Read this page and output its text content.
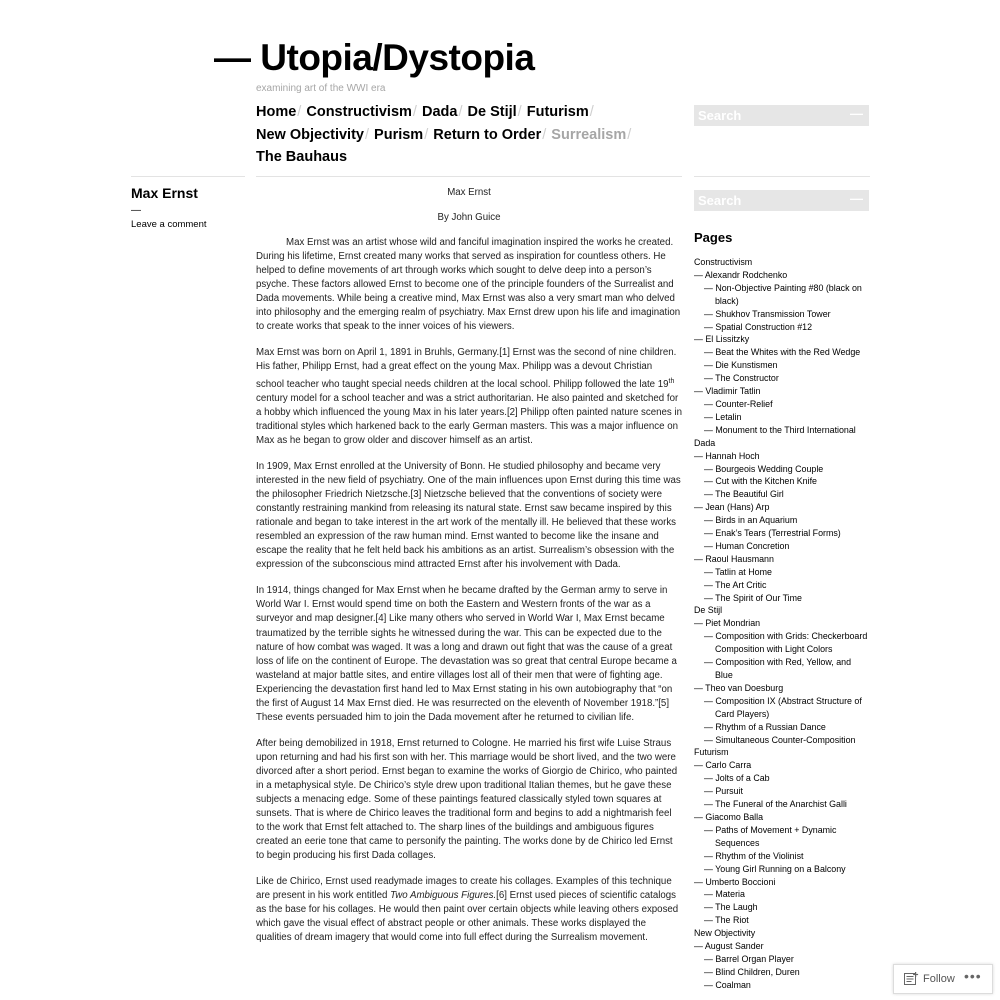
— Utopia/Dystopia
examining art of the WWI era
Home/ Constructivism/ Dada/ De Stijl/ Futurism/ New Objectivity/ Purism/ Return to Order/ Surrealism/ The Bauhaus
Search
—
Max Ernst
—
Leave a comment
Max Ernst
By John Guice

Max Ernst was an artist whose wild and fanciful imagination inspired the works he created. During his lifetime, Ernst created many works that served as inspiration for countless others. He helped to define movements of art through works which sought to delve deep into a person’s psyche. These factors allowed Ernst to become one of the principle founders of the Surrealist and Dada movements. While being a creative mind, Max Ernst was also a very smart man who delved into philosophy and the emerging realm of psychiatry. Max Ernst drew upon his life and imagination to create works that speak to the inner voices of his viewers.

Max Ernst was born on April 1, 1891 in Bruhls, Germany.[1] Ernst was the second of nine children. His father, Philipp Ernst, had a great effect on the young Max. Philipp was a devout Christian school teacher who taught special needs children at the local school. Philipp followed the late 19th century model for a school teacher and was a strict authoritarian. He also painted and sketched for a hobby which influenced the young Max in his later years.[2] Philipp often painted nature scenes in traditional styles which harkened back to the early German masters. This was a major influence on Max as he began to grow older and discover himself as an artist.

In 1909, Max Ernst enrolled at the University of Bonn. He studied philosophy and became very interested in the new field of psychiatry. One of the main influences upon Ernst during this time was the philosopher Friedrich Nietzsche.[3] Nietzsche believed that the conventions of society were constantly restraining mankind from releasing its natural state. Ernst saw became inspired by this rationale and began to take interest in the art work of the mentally ill. He believed that these works resembled an expression of the raw human mind. Ernst wanted to become like the insane and escape the reality that he felt held back his ambitions as an artist. Surrealism’s obsession with the expression of the subconscious mind attracted Ernst after his involvement with Dada.

In 1914, things changed for Max Ernst when he became drafted by the German army to serve in World War I. Ernst would spend time on both the Eastern and Western fronts of the war as a surveyor and map designer.[4] Like many others who served in World War I, Max Ernst became traumatized by the terrible sights he witnessed during the war. This can be expected due to the nature of how combat was waged. It was a long and drawn out fight that was the cause of a great loss of life on the continent of Europe. The devastation was so great that central Europe became a wasteland at major battle sites, and entire villages lost all of their men that were of fighting age. Experiencing the devastation first hand led to Max Ernst stating in his own autobiography that “on the first of August 14 Max Ernst died. He was resurrected on the eleventh of November 1918.”[5] These events persuaded him to join the Dada movement after he returned to civilian life.

After being demobilized in 1918, Ernst returned to Cologne. He married his first wife Luise Straus upon returning and had his first son with her. This marriage would be short lived, and the two were divorced after a short period. Ernst began to examine the works of Giorgio de Chirico, who painted in a metaphysical style. De Chirico’s style drew upon traditional Italian themes, but he gave these subjects a menacing edge. Some of these paintings featured classically styled town squares at sunsets. That is where de Chirico leaves the traditional form and begins to add a nightmarish feel to the work that Ernst felt attached to. The sharp lines of the buildings and ambiguous figures created an eerie tone that came to personify the painting. The works done by de Chirico led Ernst to begin producing his first Dada collages.

Like de Chirico, Ernst used readymade images to create his collages. Examples of this technique are present in his work entitled Two Ambiguous Figures.[6] Ernst used pieces of scientific catalogs as the base for his collages. He would then paint over certain objects while leaving others exposed which gave the visual effect of abstract people or other animals. These works displayed the qualities of dream imagery that would come into full effect during the Surrealism movement.

Search
—
Pages
Constructivism
— Alexandr Rodchenko
— Non-Objective Painting #80 (black on black)
— Shukhov Transmission Tower
— Spatial Construction #12
— El Lissitzky
— Beat the Whites with the Red Wedge
— Die Kunstismen
— The Constructor
— Vladimir Tatlin
— Counter-Relief
— Letalin
— Monument to the Third International
Dada
— Hannah Hoch
— Bourgeois Wedding Couple
— Cut with the Kitchen Knife
— The Beautiful Girl
— Jean (Hans) Arp
— Birds in an Aquarium
— Enak’s Tears (Terrestrial Forms)
— Human Concretion
— Raoul Hausmann
— Tatlin at Home
— The Art Critic
— The Spirit of Our Time
De Stijl
— Piet Mondrian
— Composition with Grids: Checkerboard Composition with Light Colors
— Composition with Red, Yellow, and Blue
— Theo van Doesburg
— Composition IX (Abstract Structure of Card Players)
— Rhythm of a Russian Dance
— Simultaneous Counter-Composition
Futurism
— Carlo Carra
— Jolts of a Cab
— Pursuit
— The Funeral of the Anarchist Galli
— Giacomo Balla
— Paths of Movement + Dynamic Sequences
— Rhythm of the Violinist
— Young Girl Running on a Balcony
— Umberto Boccioni
— Materia
— The Laugh
— The Riot
New Objectivity
— August Sander
— Barrel Organ Player
— Blind Children, Duren
— Coalman	Follow •••
